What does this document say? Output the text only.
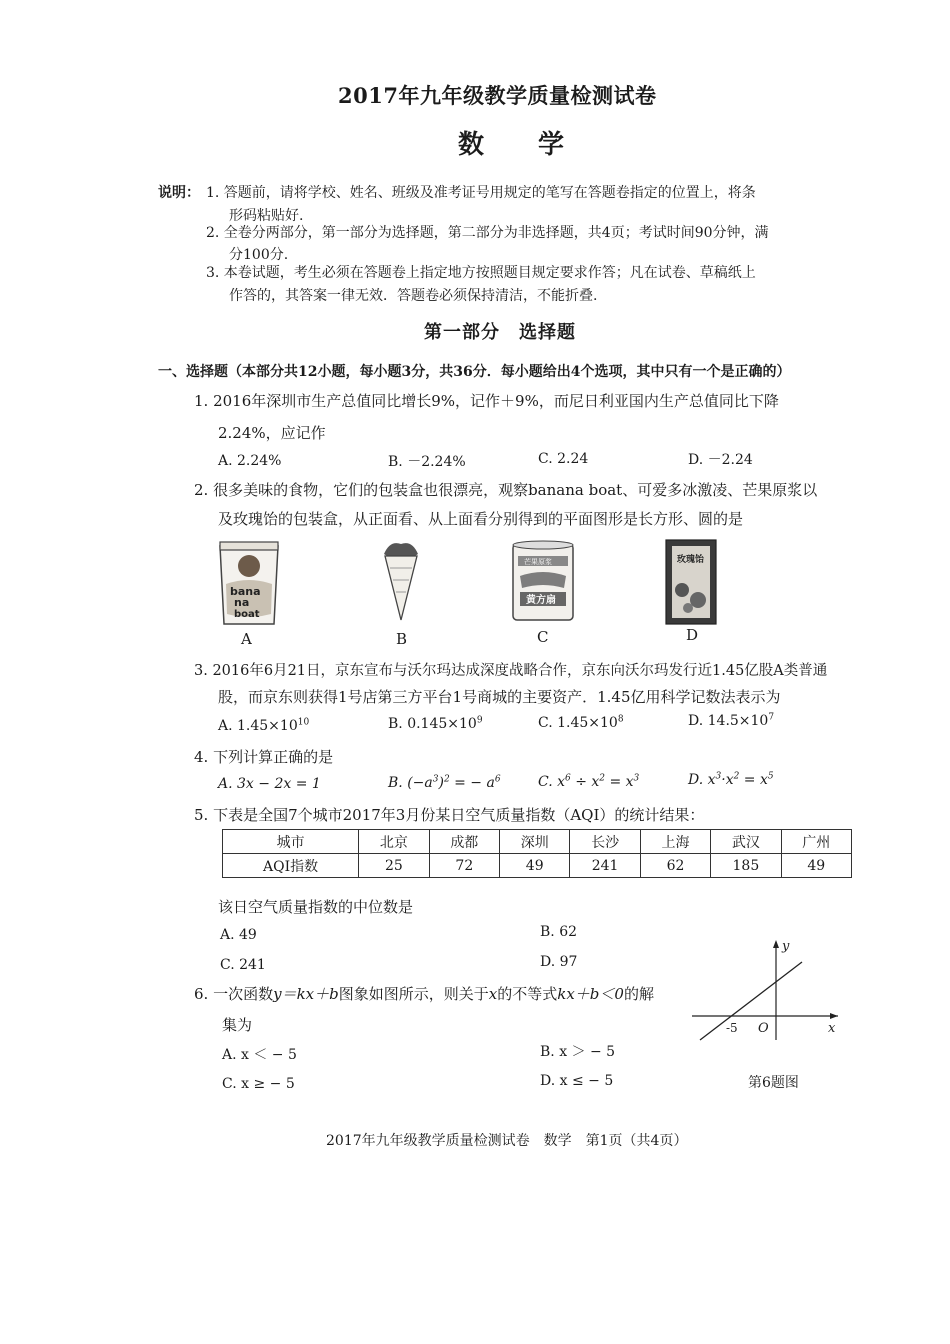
2017年九年级教学质量检测试卷
数　学
说明： 1. 答题前，请将学校、姓名、班级及准考证号用规定的笔写在答题卷指定的位置上，将条
形码粘贴好.
2. 全卷分两部分，第一部分为选择题，第二部分为非选择题，共4页；考试时间90分钟，满
分100分.
3. 本卷试题，考生必须在答题卷上指定地方按照题目规定要求作答；凡在试卷、草稿纸上
作答的，其答案一律无效．答题卷必须保持清洁，不能折叠.
第一部分　选择题
一、选择题（本部分共12小题，每小题3分，共36分．每小题给出4个选项，其中只有一个是正确的）
1. 2016年深圳市生产总值同比增长9%，记作＋9%，而尼日利亚国内生产总值同比下降
2.24%，应记作
A. 2.24%	B. －2.24%	C. 2.24	D. －2.24
2. 很多美味的食物，它们的包装盒也很漂亮，观察banana boat、可爱多冰激凌、芒果原浆以
及玫瑰饴的包装盒，从正面看、从上面看分别得到的平面图形是长方形、圆的是
bana
na
boat
A	B
芒果原浆
黄方扇
C
玫瑰饴
D
3. 2016年6月21日，京东宣布与沃尔玛达成深度战略合作，京东向沃尔玛发行近1.45亿股A类普通
股，而京东则获得1号店第三方平台1号商城的主要资产．1.45亿用科学记数法表示为
A. $1.45\times 10^{10}$	B. $0.145\times 10^9$	C. $1.45\times 10^8$	D. $14.5\times 10^7$
4. 下列计算正确的是
A. 3x − 2x = 1	B. $(-a^3)^2$ = − $a^6$	C. $x^6 \div x^2 = x^3$	D. $x^3\cdot x^2 = x^5$
5. 下表是全国7个城市2017年3月份某日空气质量指数（AQI）的统计结果：
城市	北京	成都	深圳	长沙	上海	武汉	广州
AQI指数	25	72	49	241	62	185	49
该日空气质量指数的中位数是
A. 49	B. 62
C. 241	D. 97
6. 一次函数y＝kx＋b图象如图所示，则关于x的不等式kx＋b＜0的解
集为
A. x ＜ − 5	B. x ＞ − 5
C. x ≥ − 5	D. x ≤ − 5
y
x
O
-5
第6题图
2017年九年级教学质量检测试卷　数学　第1页（共4页）
